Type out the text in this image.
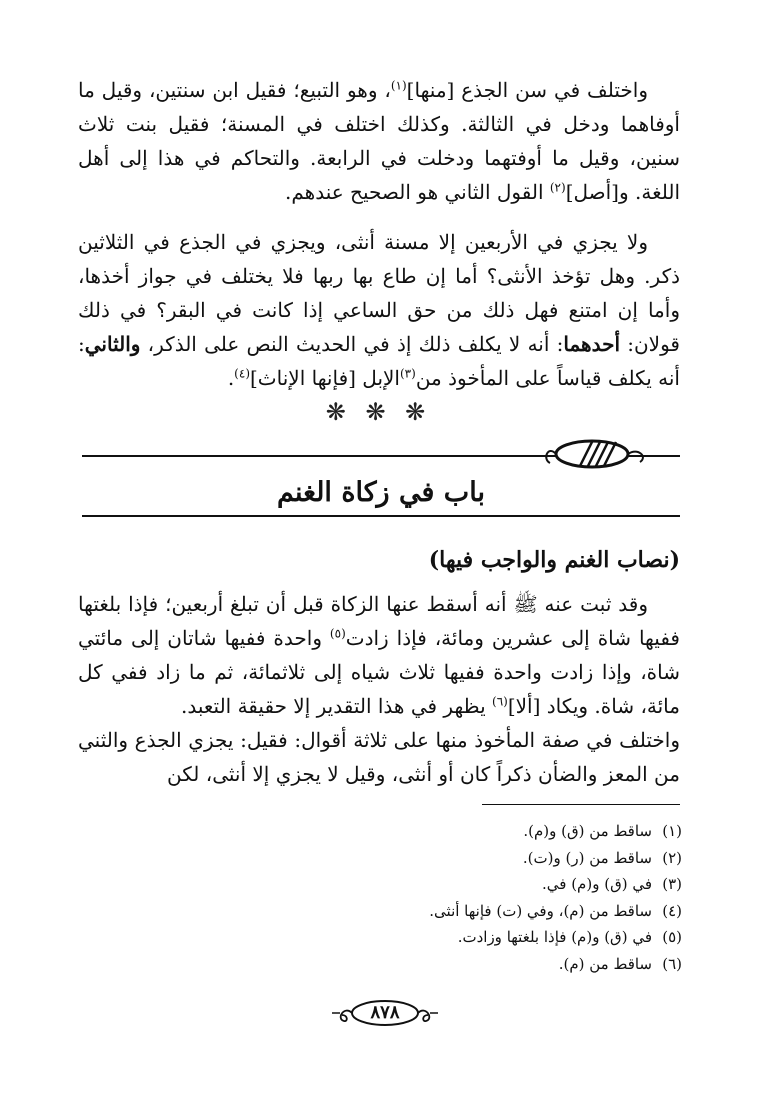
واختلف في سن الجذع [منها]$^{(١)}$، وهو التبيع؛ فقيل ابن سنتين، وقيل ما أوفاهما ودخل في الثالثة. وكذلك اختلف في المسنة؛ فقيل بنت ثلاث سنين، وقيل ما أوفتهما ودخلت في الرابعة. والتحاكم في هذا إلى أهل اللغة. و[أصل]$^{(٢)}$ القول الثاني هو الصحيح عندهم.

ولا يجزي في الأربعين إلا مسنة أنثى، ويجزي في الجذع في الثلاثين ذكر. وهل تؤخذ الأنثى؟ أما إن طاع بها ربها فلا يختلف في جواز أخذها، وأما إن امتنع فهل ذلك من حق الساعي إذا كانت في البقر؟ في ذلك قولان: أحدهما: أنه لا يكلف ذلك إذ في الحديث النص على الذكر، والثاني: أنه يكلف قياساً على المأخوذ من$^{(٣)}$الإبل [فإنها الإناث]$^{(٤)}$.

❋ ❋ ❋
باب في زكاة الغنم
(نصاب الغنم والواجب فيها)

وقد ثبت عنه ﷺ أنه أسقط عنها الزكاة قبل أن تبلغ أربعين؛ فإذا بلغتها ففيها شاة إلى عشرين ومائة، فإذا زادت$^{(٥)}$ واحدة ففيها شاتان إلى مائتي شاة، وإذا زادت واحدة ففيها ثلاث شياه إلى ثلاثمائة، ثم ما زاد ففي كل مائة، شاة. ويكاد [ألا]$^{(٦)}$ يظهر في هذا التقدير إلا حقيقة التعبد.

واختلف في صفة المأخوذ منها على ثلاثة أقوال: فقيل: يجزي الجذع والثني من المعز والضأن ذكراً كان أو أنثى، وقيل لا يجزي إلا أنثى، لكن

(١)ساقط من (ق) و(م).
(٢)ساقط من (ر) و(ت).
(٣)في (ق) و(م) في.
(٤)ساقط من (م)، وفي (ت) فإنها أنثى.
(٥)في (ق) و(م) فإذا بلغتها وزادت.
(٦)ساقط من (م).
٨٧٨
